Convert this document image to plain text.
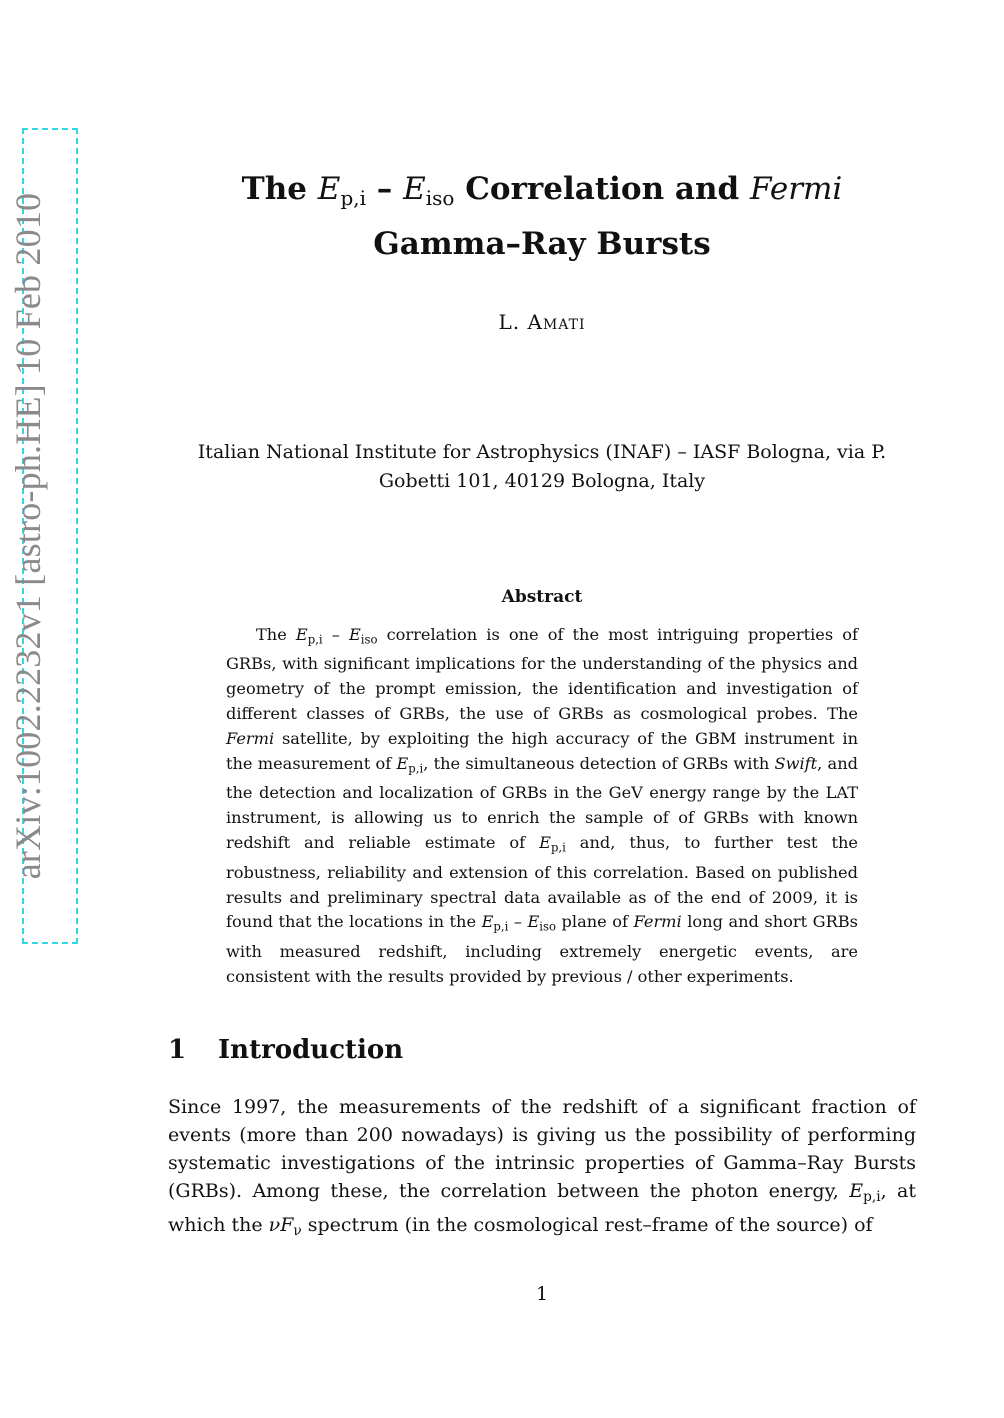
arXiv:1002.2232v1 [astro-ph.HE] 10 Feb 2010
The $E_{p,i} - E_{iso}$ Correlation and Fermi
Gamma–Ray Bursts
L. Amati
Italian National Institute for Astrophysics (INAF) – IASF Bologna, via P.
Gobetti 101, 40129 Bologna, Italy
Abstract
The $E_{p,i} - E_{iso}$ correlation is one of the most intriguing properties of GRBs, with significant implications for the understanding of the physics and geometry of the prompt emission, the identification and investigation of different classes of GRBs, the use of GRBs as cosmological probes. The Fermi satellite, by exploiting the high accuracy of the GBM instrument in the measurement of $E_{p,i}$, the simultaneous detection of GRBs with Swift, and the detection and localization of GRBs in the GeV energy range by the LAT instrument, is allowing us to enrich the sample of of GRBs with known redshift and reliable estimate of $E_{p,i}$ and, thus, to further test the robustness, reliability and extension of this correlation. Based on published results and preliminary spectral data available as of the end of 2009, it is found that the locations in the $E_{p,i} - E_{iso}$ plane of Fermi long and short GRBs with measured redshift, including extremely energetic events, are consistent with the results provided by previous / other experiments.
1 Introduction
Since 1997, the measurements of the redshift of a significant fraction of events (more than 200 nowadays) is giving us the possibility of performing systematic investigations of the intrinsic properties of Gamma–Ray Bursts (GRBs). Among these, the correlation between the photon energy, $E_{p,i}$, at which the $\nu F_\nu$ spectrum (in the cosmological rest–frame of the source) of
1
